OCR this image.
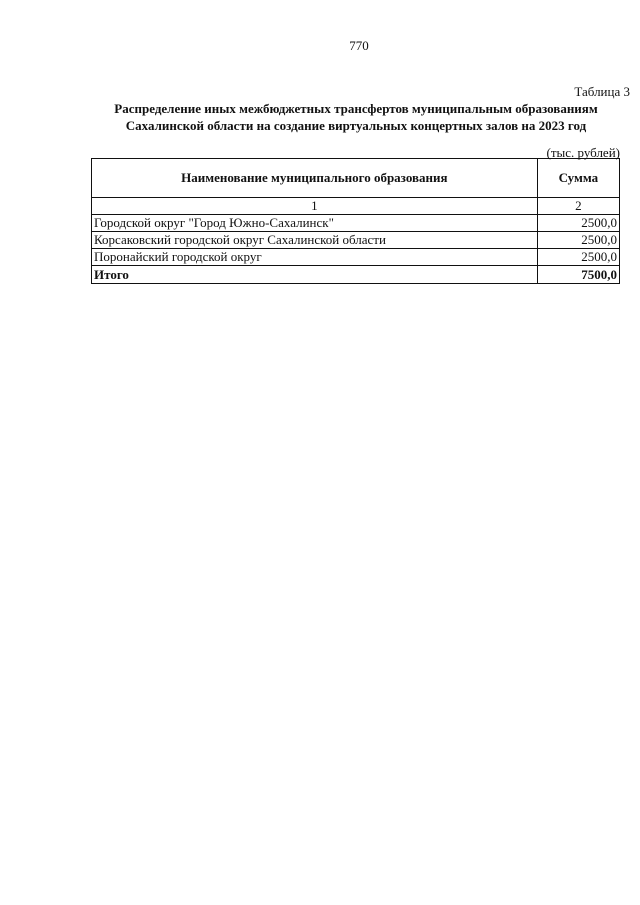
770
Таблица 3
Распределение иных межбюджетных трансфертов муниципальным образованиям
Сахалинской области на создание виртуальных концертных залов на 2023 год
(тыс. рублей)
Наименование муниципального образования	Сумма
1	2
Городской округ "Город Южно-Сахалинск"	2500,0
Корсаковский городской округ Сахалинской области	2500,0
Поронайский городской округ	2500,0
Итого	7500,0
